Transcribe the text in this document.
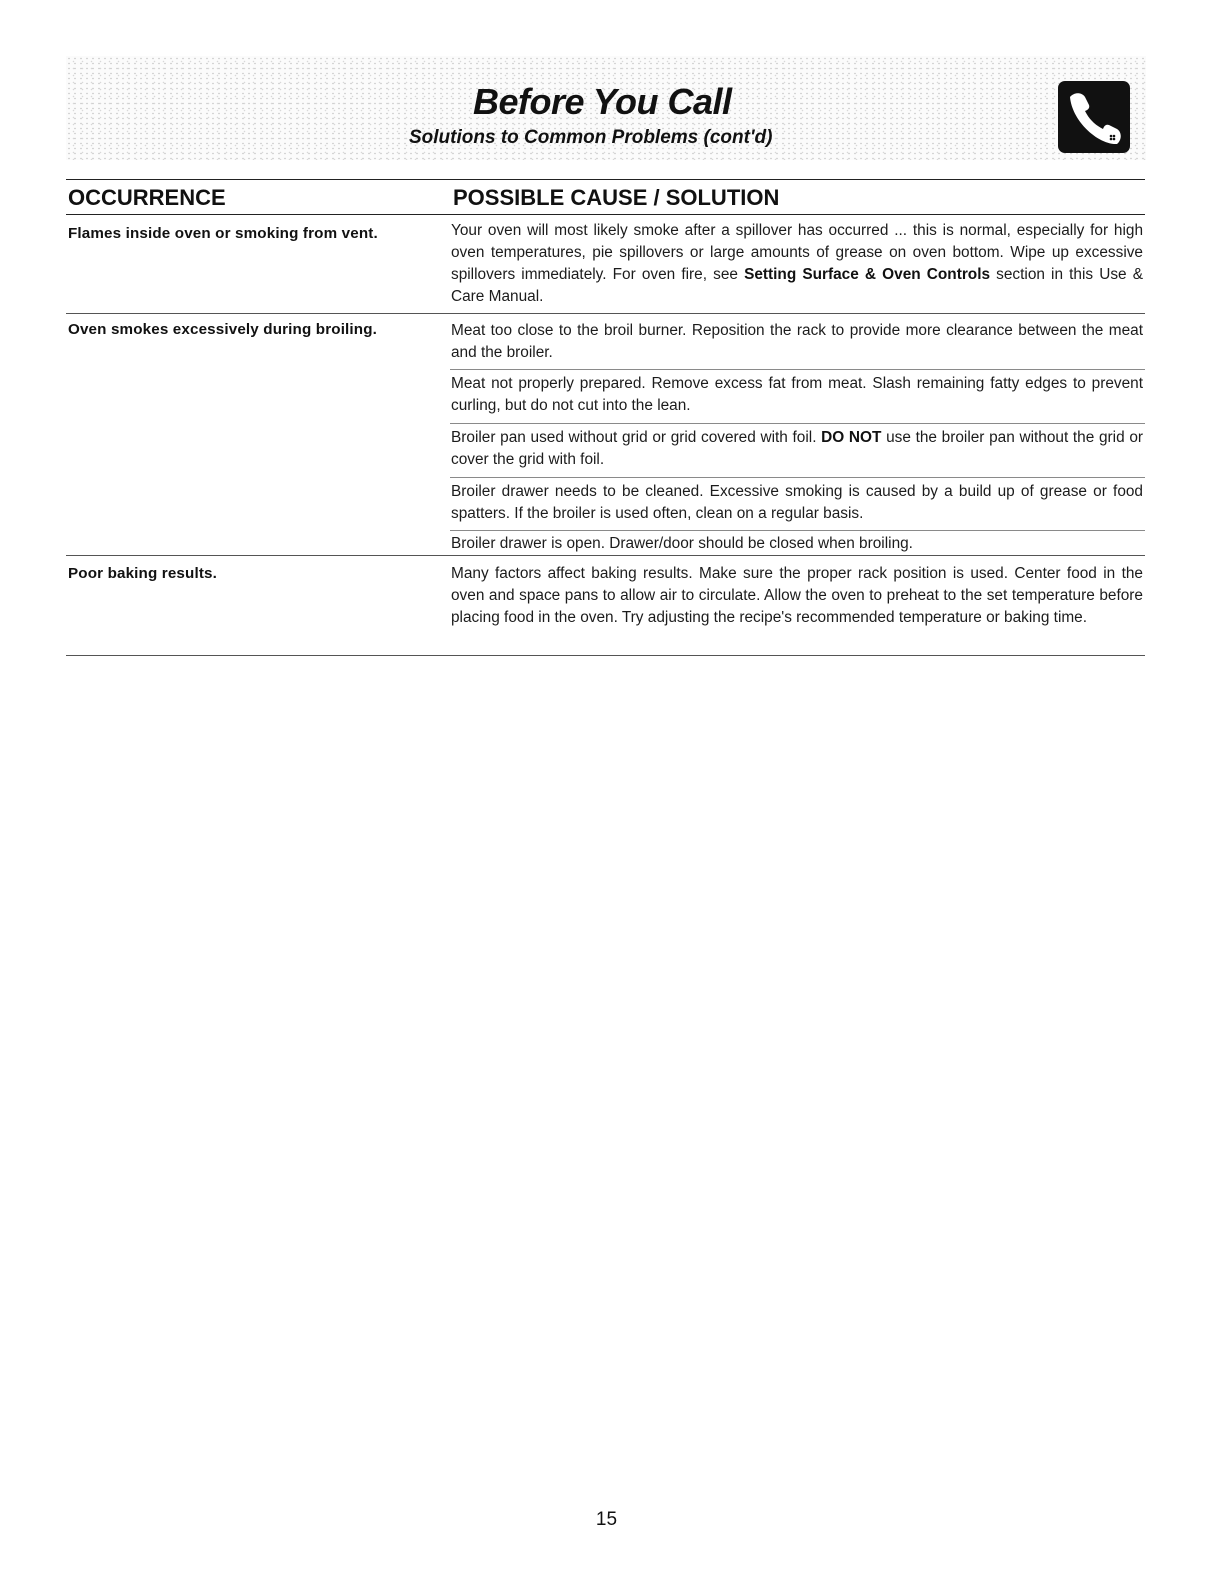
Before You Call
Solutions to Common Problems (cont'd)
OCCURRENCE	POSSIBLE CAUSE / SOLUTION
Flames inside oven or smoking from vent.	Your oven will most likely smoke after a spillover has occurred ... this is normal, especially for high oven temperatures, pie spillovers or large amounts of grease on oven bottom. Wipe up excessive spillovers immediately. For oven fire, see Setting Surface & Oven Controls section in this Use & Care Manual.
Oven smokes excessively during broiling.	Meat too close to the broil burner. Reposition the rack to provide more clearance between the meat and the broiler.
Meat not properly prepared. Remove excess fat from meat. Slash remaining fatty edges to prevent curling, but do not cut into the lean.
Broiler pan used without grid or grid covered with foil. DO NOT use the broiler pan without the grid or cover the grid with foil.
Broiler drawer needs to be cleaned. Excessive smoking is caused by a build up of grease or food spatters. If the broiler is used often, clean on a regular basis.
Broiler drawer is open. Drawer/door should be closed when broiling.
Poor baking results.	Many factors affect baking results. Make sure the proper rack position is used. Center food in the oven and space pans to allow air to circulate. Allow the oven to preheat to the set temperature before placing food in the oven. Try adjusting the recipe's recommended temperature or baking time.
15
